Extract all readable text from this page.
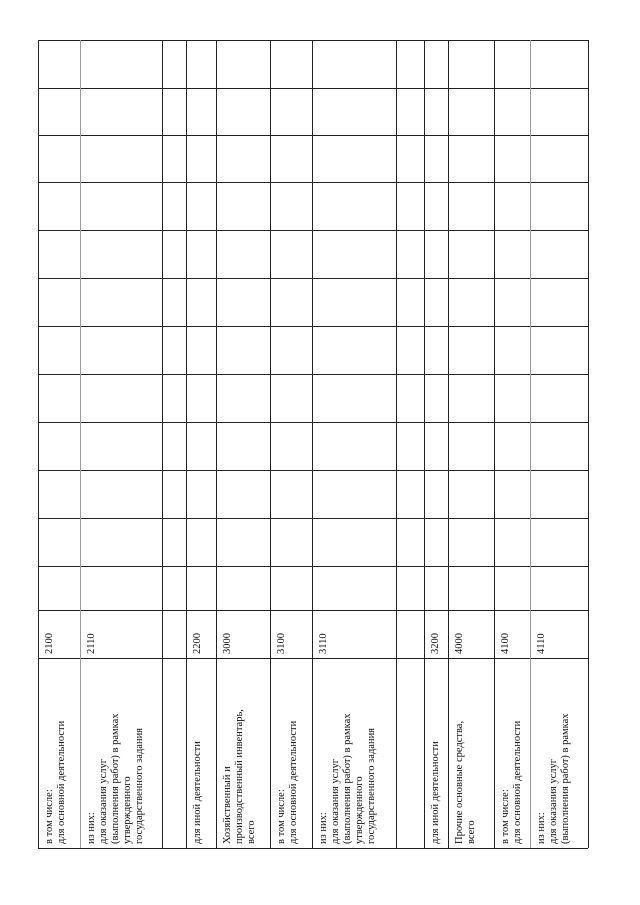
в том числе:
для основной деятельности
2100
из них:
для оказания услуг
(выполнения работ) в рамках
утвержденного
государственного задания
2110
для иной деятельности
2200
Хозяйственный и
производственный инвентарь,
всего
3000
в том числе:
для основной деятельности
3100
из них:
для оказания услуг
(выполнения работ) в рамках
утвержденного
государственного задания
3110
для иной деятельности
3200
Прочие основные средства,
всего
4000
в том числе:
для основной деятельности
4100
из них:
для оказания услуг
(выполнения работ) в рамках
4110
